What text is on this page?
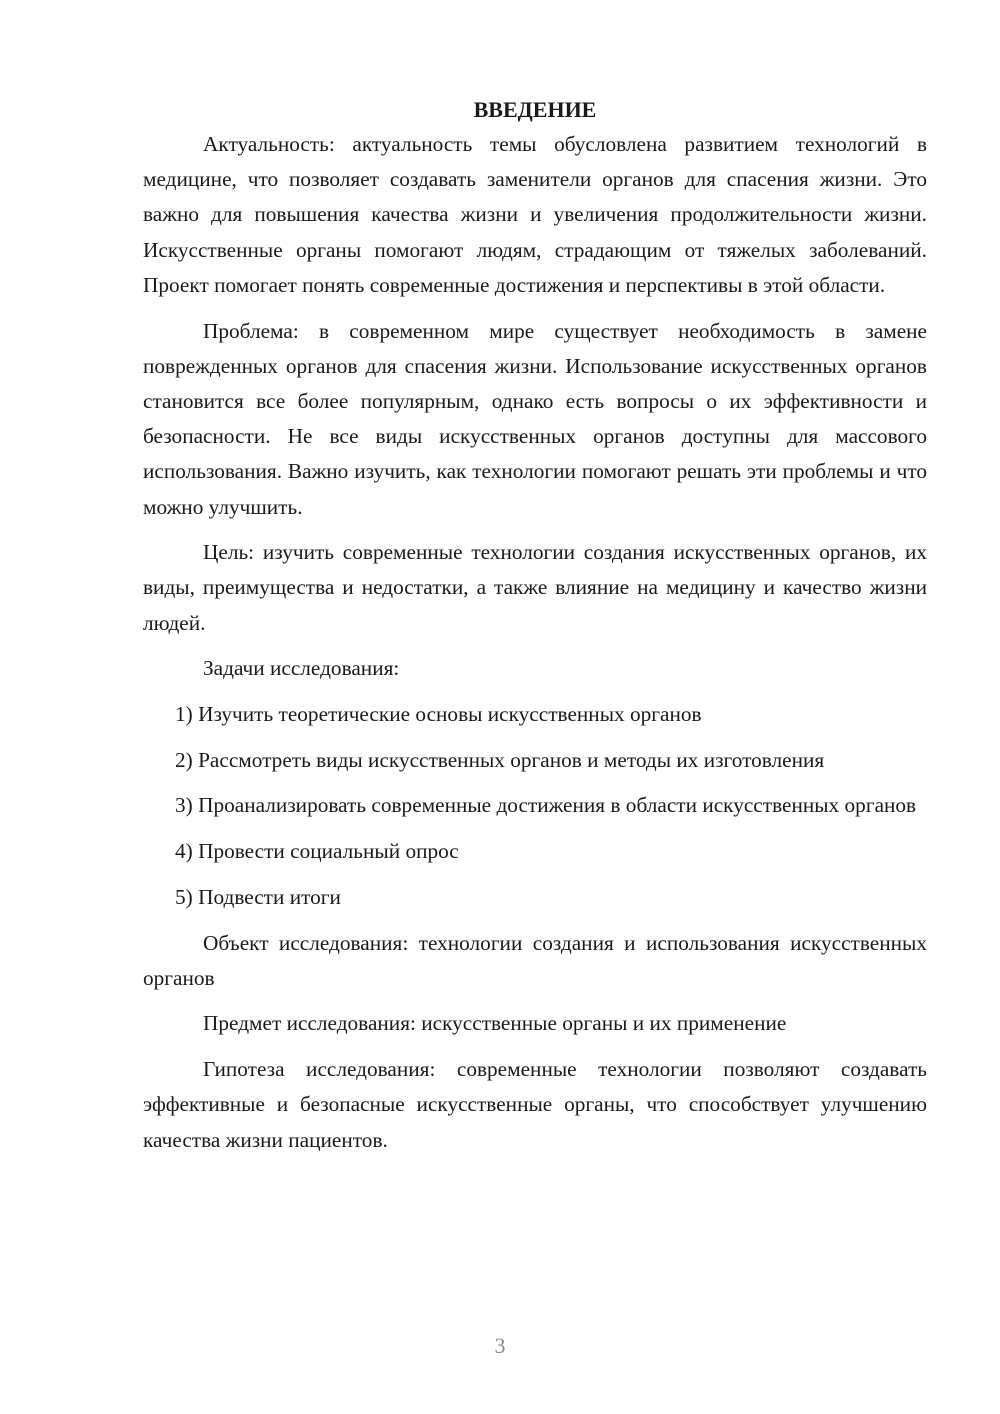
ВВЕДЕНИЕ

Актуальность: актуальность темы обусловлена развитием технологий в медицине, что позволяет создавать заменители органов для спасения жизни. Это важно для повышения качества жизни и увеличения продолжительности жизни. Искусственные органы помогают людям, страдающим от тяжелых заболеваний. Проект помогает понять современные достижения и перспективы в этой области.

Проблема: в современном мире существует необходимость в замене поврежденных органов для спасения жизни. Использование искусственных органов становится все более популярным, однако есть вопросы о их эффективности и безопасности. Не все виды искусственных органов доступны для массового использования. Важно изучить, как технологии помогают решать эти проблемы и что можно улучшить.

Цель: изучить современные технологии создания искусственных органов, их виды, преимущества и недостатки, а также влияние на медицину и качество жизни людей.

Задачи исследования:

1) Изучить теоретические основы искусственных органов

2) Рассмотреть виды искусственных органов и методы их изготовления

3) Проанализировать современные достижения в области искусственных органов

4) Провести социальный опрос

5) Подвести итоги

Объект исследования: технологии создания и использования искусственных органов

Предмет исследования: искусственные органы и их применение

Гипотеза исследования: современные технологии позволяют создавать эффективные и безопасные искусственные органы, что способствует улучшению качества жизни пациентов.

3
